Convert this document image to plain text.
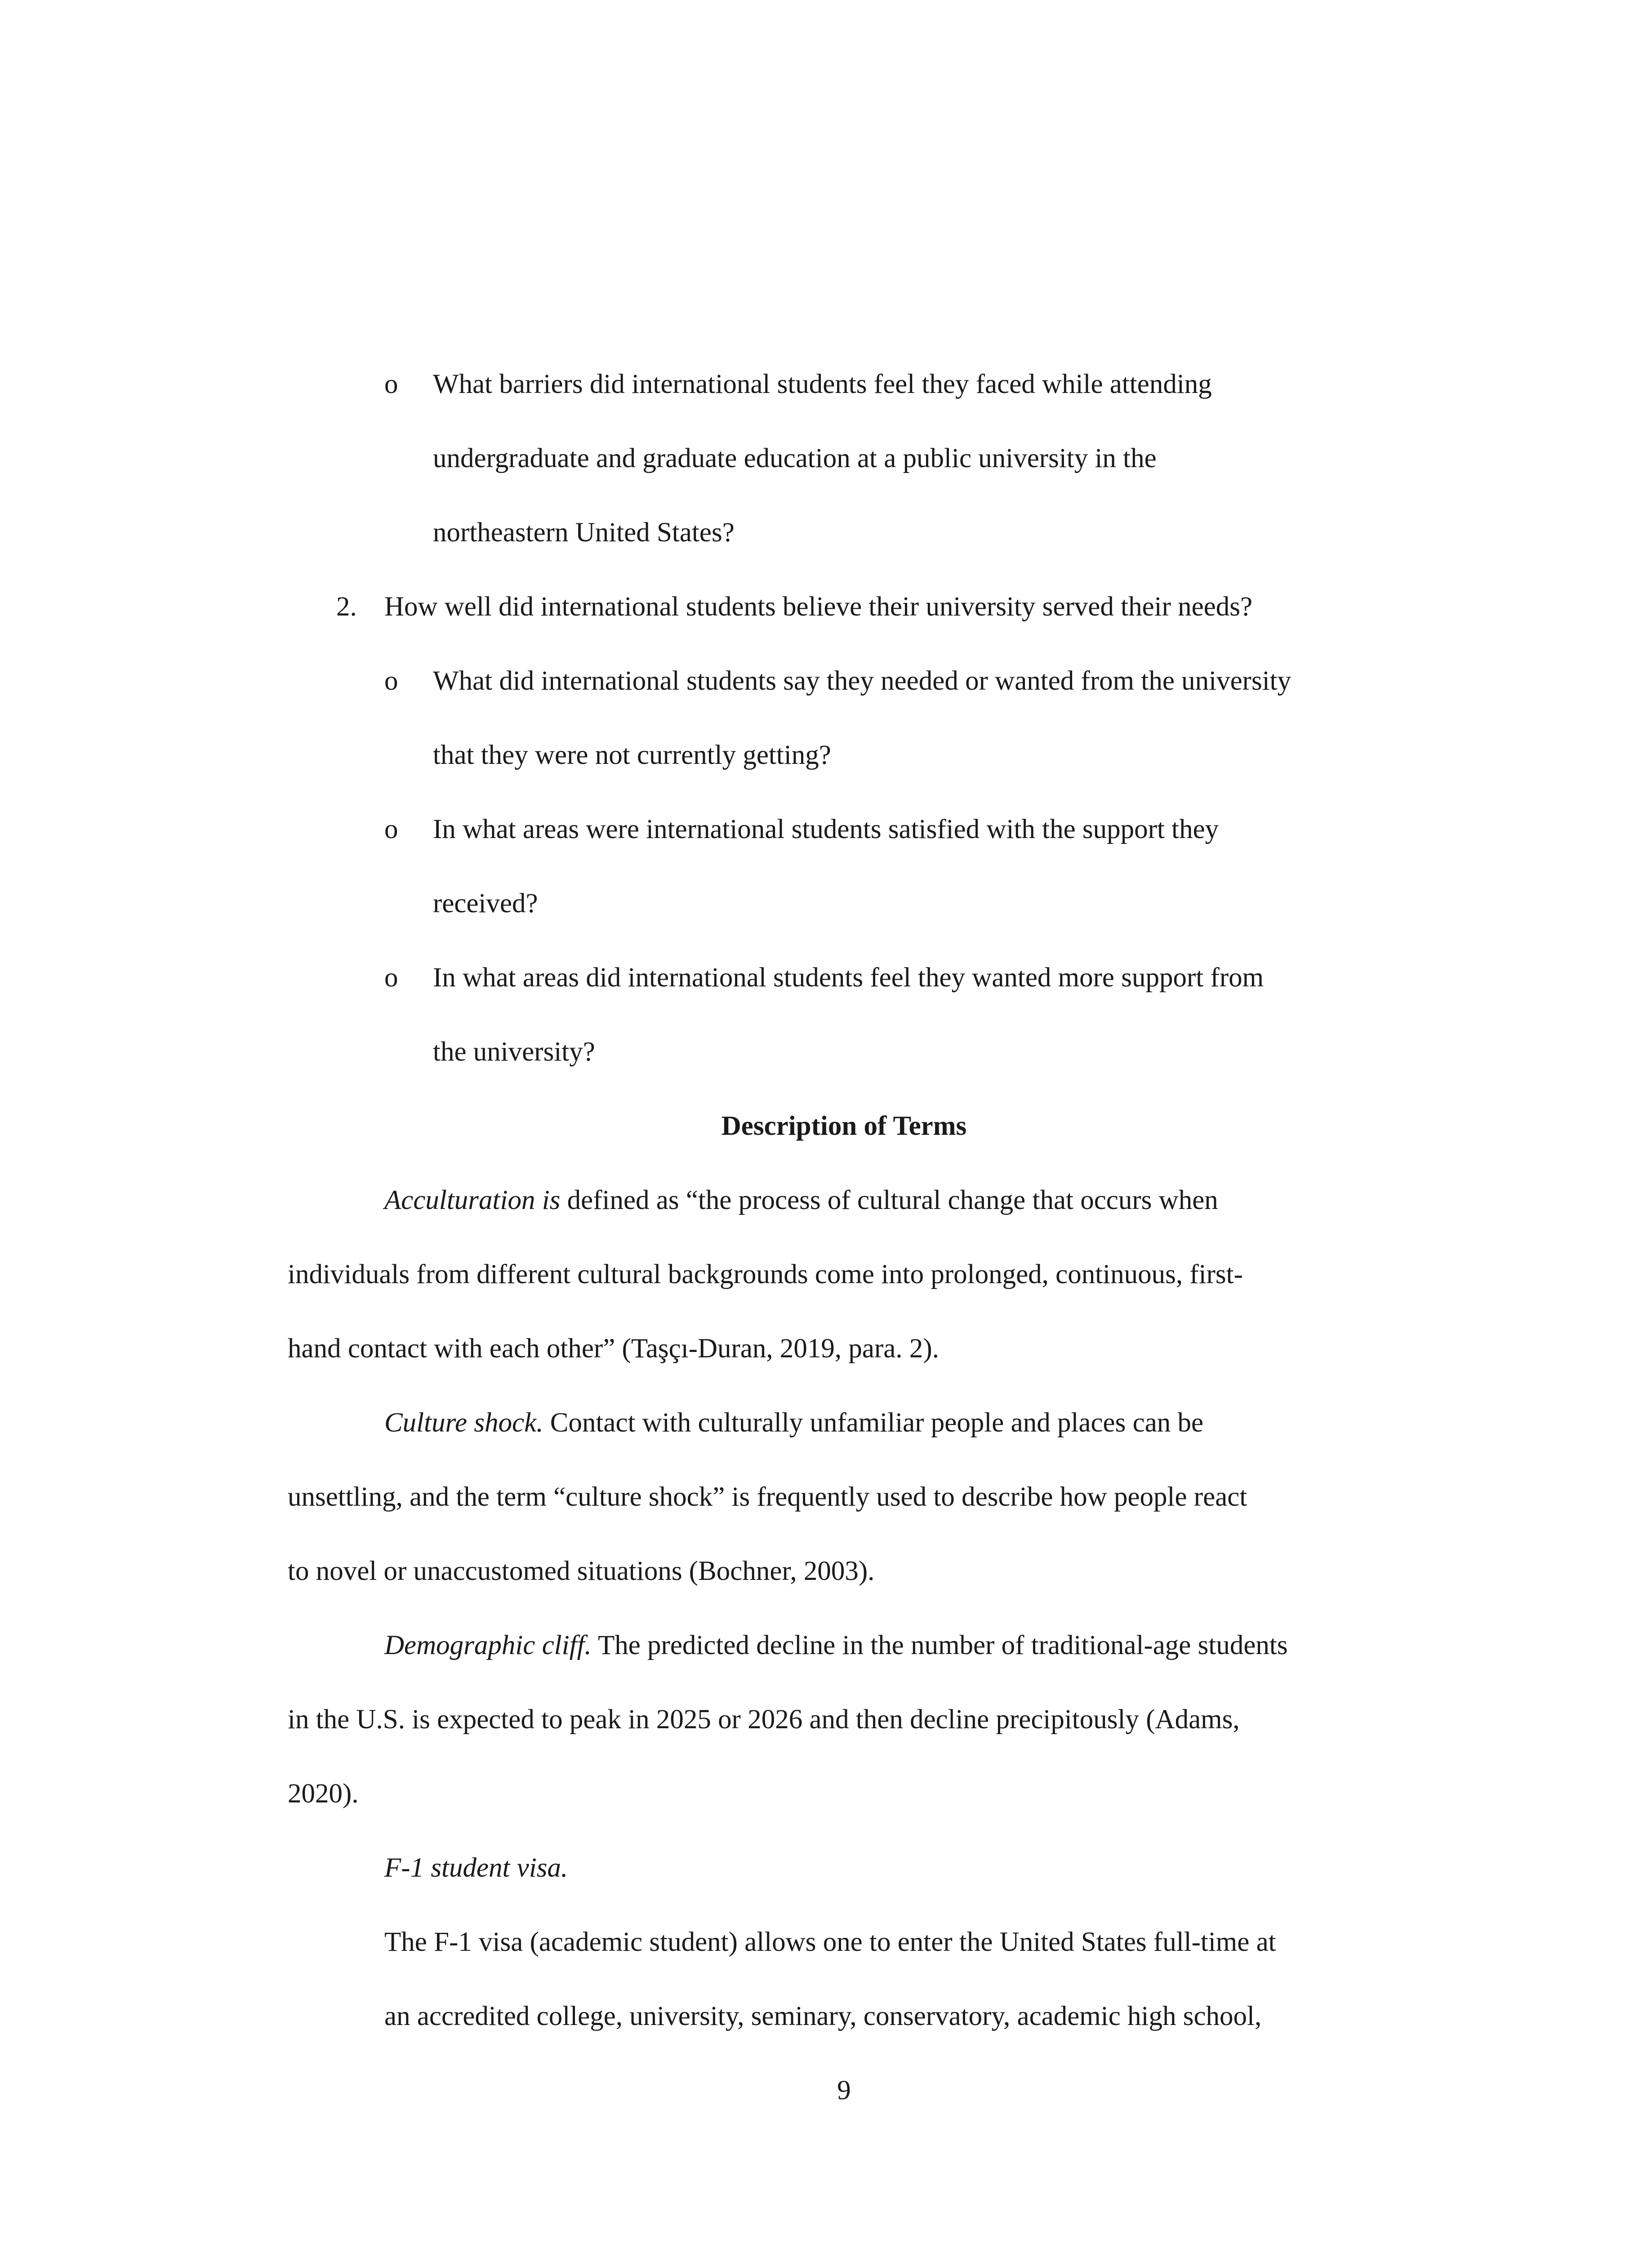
o What barriers did international students feel they faced while attending
undergraduate and graduate education at a public university in the
northeastern United States?
2. How well did international students believe their university served their needs?
o What did international students say they needed or wanted from the university
that they were not currently getting?
o In what areas were international students satisfied with the support they
received?
o In what areas did international students feel they wanted more support from
the university?
Description of Terms
Acculturation is defined as “the process of cultural change that occurs when
individuals from different cultural backgrounds come into prolonged, continuous, first-
hand contact with each other” (Taşçı-Duran, 2019, para. 2).
Culture shock. Contact with culturally unfamiliar people and places can be
unsettling, and the term “culture shock” is frequently used to describe how people react
to novel or unaccustomed situations (Bochner, 2003).
Demographic cliff. The predicted decline in the number of traditional-age students
in the U.S. is expected to peak in 2025 or 2026 and then decline precipitously (Adams,
2020).
F-1 student visa.
The F-1 visa (academic student) allows one to enter the United States full-time at
an accredited college, university, seminary, conservatory, academic high school,
9
